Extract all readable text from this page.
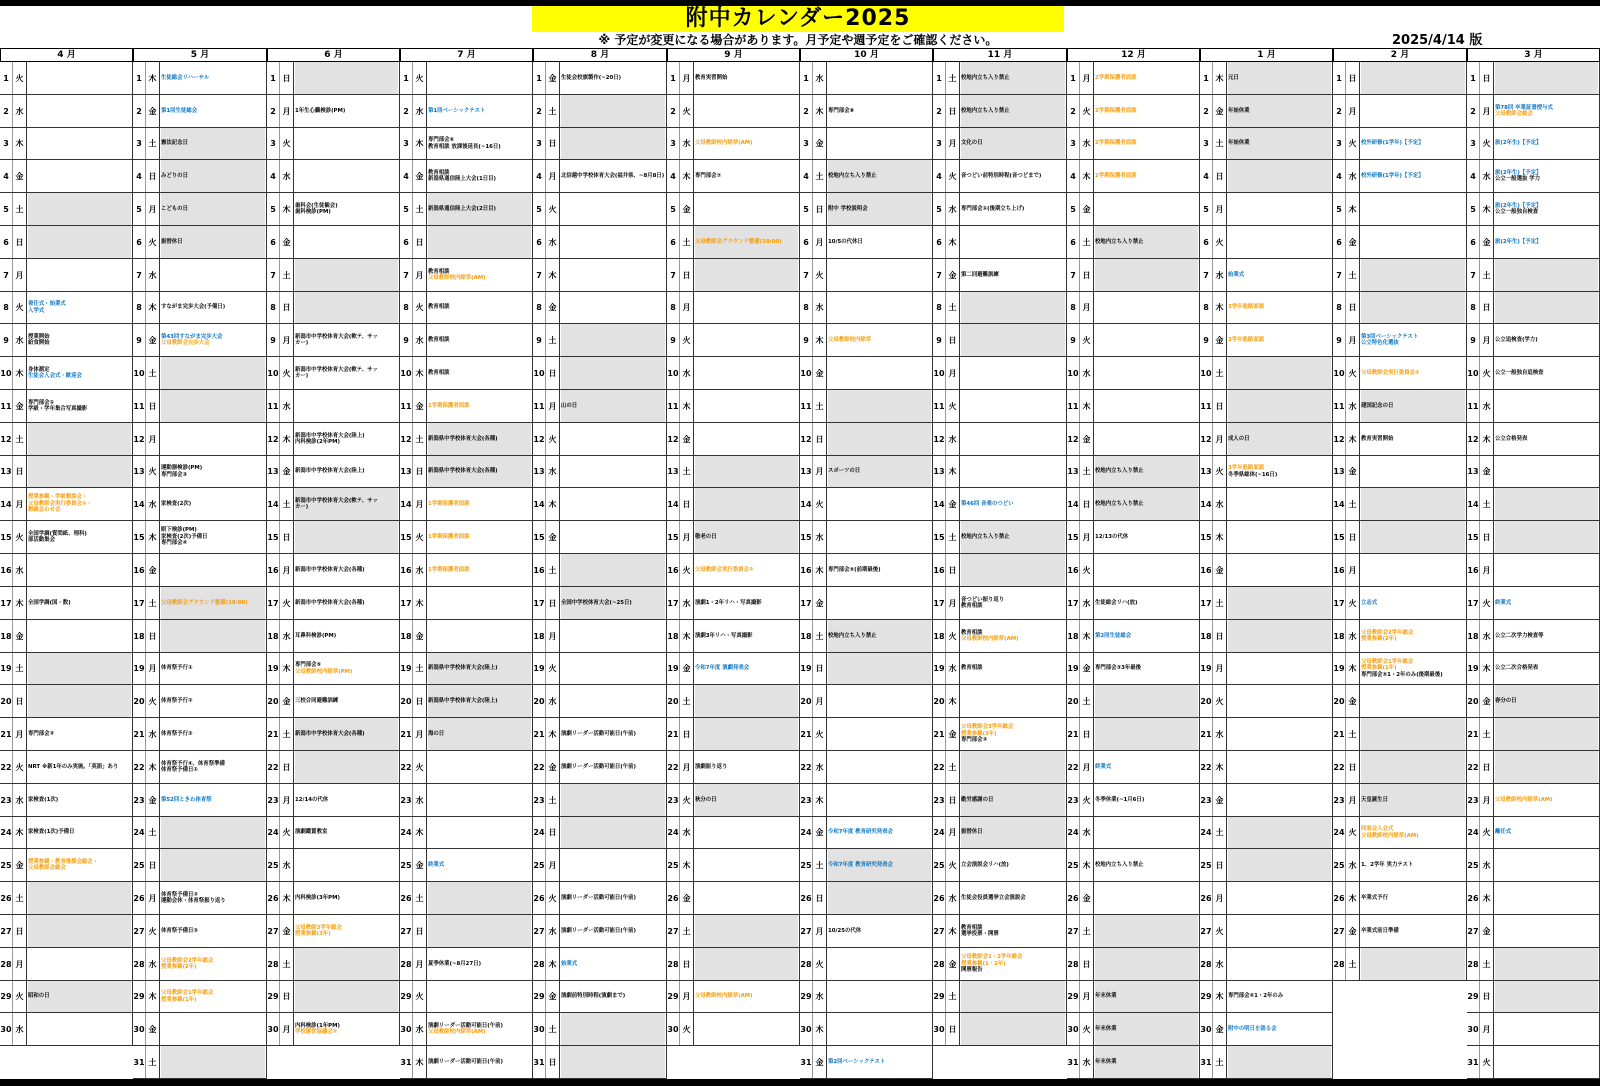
附中カレンダー2025
※ 予定が変更になる場合があります。月予定や週予定をご確認ください。	2025/4/14 版
4 月
1 火
2 水
3 木
4 金
5 土
6 日
7 月
8 火 着任式・始業式
入学式
9 水 授業開始
給食開始
10 木 身体測定
生徒会入会式・歓迎会
11 金 専門部会①
学級・学年集合写真撮影
12 土
13 日
14 月
授業参観・学級懇談会・
父母教師会実行委員会①・
懇親会わせ会
15 火 全国学調(質問紙、理科)
部活動集会
16 水
17 木 全国学調(国・数)
18 金
19 土
20 日
21 月 専門部会②
22 火 NRT ※新1年のみ実施。「英語」あり
23 水 家検査(1次)
24 木 家検査(1次)予備日
25 金 授業参観・教育後援会総会・
父母教師会総会
26 土
27 日
28 月
29 火 昭和の日
30 水
5 月
1 木 生徒総会リハーサル
2 金 第1回生徒総会
3 土 憲法記念日
4 日 みどりの日
5 月 こどもの日
6 火 振替休日
7 水
8 木 すながま完歩大会(予備日)
9 金 第43回すながま完歩大会
父母教師会完歩大会
10 土
11 日
12 月
13 火 運動器検診(PM)
専門部会③
14 水 家検査(2次)
15 木
眼下検診(PM)
家検査(2次)予備日
専門部会④
16 金
17 土 父母教師会グラウンド整備(18:00)
18 日
19 月 体育祭予行①
20 火 体育祭予行②
21 水 体育祭予行③
22 木 体育祭予行④、体育祭準備
体育祭予備日①
23 金 第52回ときわ体育祭
24 土
25 日
26 月 体育祭予備日②
運動会休・体育祭振り返り
27 火 体育祭予備日③
28 水 父母教師会2学年総会
授業参観(2年)
29 木 父母教師会1学年総会
授業参観(1年)
30 金
31 土
6 月
1 日
2 月 1年生心臓検診(PM)
3 火
4 水
5 木 歯科会(生徒観会)
歯科検診(PM)
6 金
7 土
8 日
9 月 新潟市中学校体育大会(軟テ、サッ
カー)
10 火 新潟市中学校体育大会(軟テ、サッ
カー)
11 水
12 木 新潟市中学校体育大会(陸上)
内科検診(2年PM)
13 金 新潟市中学校体育大会(陸上)
14 土 新潟市中学校体育大会(軟テ、サッ
カー)
15 日
16 月 新潟市中学校体育大会(各種)
17 火 新潟市中学校体育大会(各種)
18 水 耳鼻科検診(PM)
19 木 専門部会⑤
父母教師校内除草(PM)
20 金 三校合同避難訓練
21 土 新潟市中学校体育大会(各種)
22 日
23 月 12/14の代休
24 火 演劇鑑賞教室
25 水
26 木 内科検診(3年PM)
27 金 父母教師3学年総会
授業参観(3年)
28 土
29 日
30 月 内科検診(1年PM)
学校運営協議会①
7 月
1 火
2 水 第1回ベーシックテスト
3 木 専門部会⑥
教育相談 放課後延長(~16日)
4 金 教育相談
新潟県通信陸上大会(1日目)
5 土 新潟県通信陸上大会(2日目)
6 日
7 月 教育相談
父母教師校内除草(AM)
8 火 教育相談
9 水 教育相談
10 木 教育相談
11 金 1学期保護者面談
12 土 新潟県中学校体育大会(各種)
13 日 新潟県中学校体育大会(各種)
14 月 1学期保護者面談
15 火 1学期保護者面談
16 水 1学期保護者面談
17 木
18 金
19 土 新潟県中学校体育大会(陸上)
20 日 新潟県中学校体育大会(陸上)
21 月 海の日
22 火
23 水
24 木
25 金 終業式
26 土
27 日
28 月 夏季休業(~8月27日)
29 火
30 水 演劇リーダー活動可能日(午前)
父母教師校内除草(AM)
31 木 演劇リーダー活動可能日(午前)
8 月
1 金 生徒会校旗製作(~20日)
2 土
3 日
4 月 北信越中学校体育大会(福井県、~8月8日)
5 火
6 水
7 木
8 金
9 土
10 日
11 月 山の日
12 火
13 水
14 木
15 金
16 土
17 日 全国中学校体育大会(~25日)
18 月
19 火
20 水
21 木 演劇リーダー活動可能日(午前)
22 金 演劇リーダー活動可能日(午前)
23 土
24 日
25 月
26 火 演劇リーダー活動可能日(午前)
27 水 演劇リーダー活動可能日(午前)
28 木 始業式
29 金 演劇前特別時程(演劇まで)
30 土
31 日
9 月
1 月 教育実習開始
2 火
3 水 父母教師校内除草(AM)
4 木 専門部会⑦
5 金
6 土 父母教師会グラウンド整備(18:00)
7 日
8 月
9 火
10 水
11 木
12 金
13 土
14 日
15 月 敬老の日
16 火 父母教師会実行委員会②
17 水 演劇1・2年リハ・写真撮影
18 木 演劇3年リハ・写真撮影
19 金 令和7年度 演劇発表会
20 土
21 日
22 月 演劇振り返り
23 火 秋分の日
24 水
25 木
26 金
27 土
28 日
29 月 父母教師校内除草(AM)
30 火
10 月
1 水
2 木 専門部会⑧
3 金
4 土 校地内立ち入り禁止
5 日 附中 学校説明会
6 月 10/5の代休日
7 火
8 水
9 木 父母教師校内除草
10 金
11 土
12 日
13 月 スポーツの日
14 火
15 水
16 木 専門部会⑤(前期最後)
17 金
18 土 校地内立ち入り禁止
19 日
20 月
21 火
22 水
23 木
24 金 令和7年度 教育研究発表会
25 土 令和7年度 教育研究発表会
26 日
27 月 10/25の代休
28 火
29 水
30 木
31 金 第2回ベーシックテスト
11 月
1 土 校地内立ち入り禁止
2 日 校地内立ち入り禁止
3 月 文化の日
4 火 音つどい前特別時程(音つどまで)
5 水 専門部会①(後期立ち上げ)
6 木
7 金 第二回避難訓練
8 土
9 日
10 月
11 火
12 水
13 木
14 金 第46回 音楽のつどい
15 土 校地内立ち入り禁止
16 日
17 月 音つどい振り返り
教育相談
18 火 教育相談
父母教師校内除草(AM)
19 水 教育相談
20 木
21 金
父母教師会3学年総会
授業参観(3年)
専門部会②
22 土
23 日 勤労感謝の日
24 月 振替休日
25 火 立会演説会リハ(放)
26 水 生徒会役員選挙立会演説会
27 木 教育相談
選挙投票・開票
28 金
父母教師会1・2学年総会
授業参観(1・2年)
開票報告
29 土
30 日
12 月
1 月 2学期保護者面談
2 火 2学期保護者面談
3 水 2学期保護者面談
4 木 2学期保護者面談
5 金
6 土 校地内立ち入り禁止
7 日
8 月
9 火
10 水
11 木
12 金
13 土 校地内立ち入り禁止
14 日 校地内立ち入り禁止
15 月 12/13の代休
16 火
17 水 生徒総会リハ(放)
18 木 第2回生徒総会
19 金 専門部会③3年最後
20 土
21 日
22 月 終業式
23 火 冬季休業(~1月6日)
24 水
25 木 校地内立ち入り禁止
26 金
27 土
28 日
29 月 年末休業
30 火 年末休業
31 水 年末休業
1 月
1 木 元日
2 金 年始休業
3 土 年始休業
4 日
5 月
6 火
7 水 始業式
8 木 3学年進路面談
9 金 3学年進路面談
10 土
11 日
12 月 成人の日
13 火 3学年進路面談
冬季県総体(~16日)
14 水
15 木
16 金
17 土
18 日
19 月
20 火
21 水
22 木
23 金
24 土
25 日
26 月
27 火
28 水
29 木 専門部会④1・2年のみ
30 金 附中の明日を語る会
31 土
2 月
1 日
2 月
3 火 校外研修(1学年)【予定】
4 水 校外研修(1学年)【予定】
5 木
6 金
7 土
8 日
9 月 第3回ベーシックテスト
公立特色化選抜
10 火 父母教師会実行委員会③
11 水 建国記念の日
12 木 教育実習開始
13 金
14 土
15 日
16 月
17 火 立志式
18 水 父母教師会2学年総会
授業参観(2年)
19 木
父母教師会1学年総会
授業参観(1年)
専門部会⑤1・2年のみ(後期最後)
20 金
21 土
22 日
23 月 天皇誕生日
24 火 同窓会入会式
父母教師校内除草(AM)
25 水 1、2学年 実力テスト
26 木 卒業式予行
27 金 卒業式前日準備
28 土
3 月
1 日
2 月 第78回 卒業証書授与式
父母教師会総会
3 火 旅(2年生)【予定】
4 水 旅(2年生)【予定】
公立一般選抜 学力
5 木 旅(2年生)【予定】
公立一般独自検査
6 金 旅(2年生)【予定】
7 土
8 日
9 月 公立追検査(学力)
10 火 公立一般独自追検査
11 水
12 木 公立合格発表
13 金
14 土
15 日
16 月
17 火 終業式
18 水 公立二次学力検査等
19 木 公立二次合格発表
20 金 春分の日
21 土
22 日
23 月 父母教師校内除草(AM)
24 火 離任式
25 水
26 木
27 金
28 土
29 日
30 月
31 火
